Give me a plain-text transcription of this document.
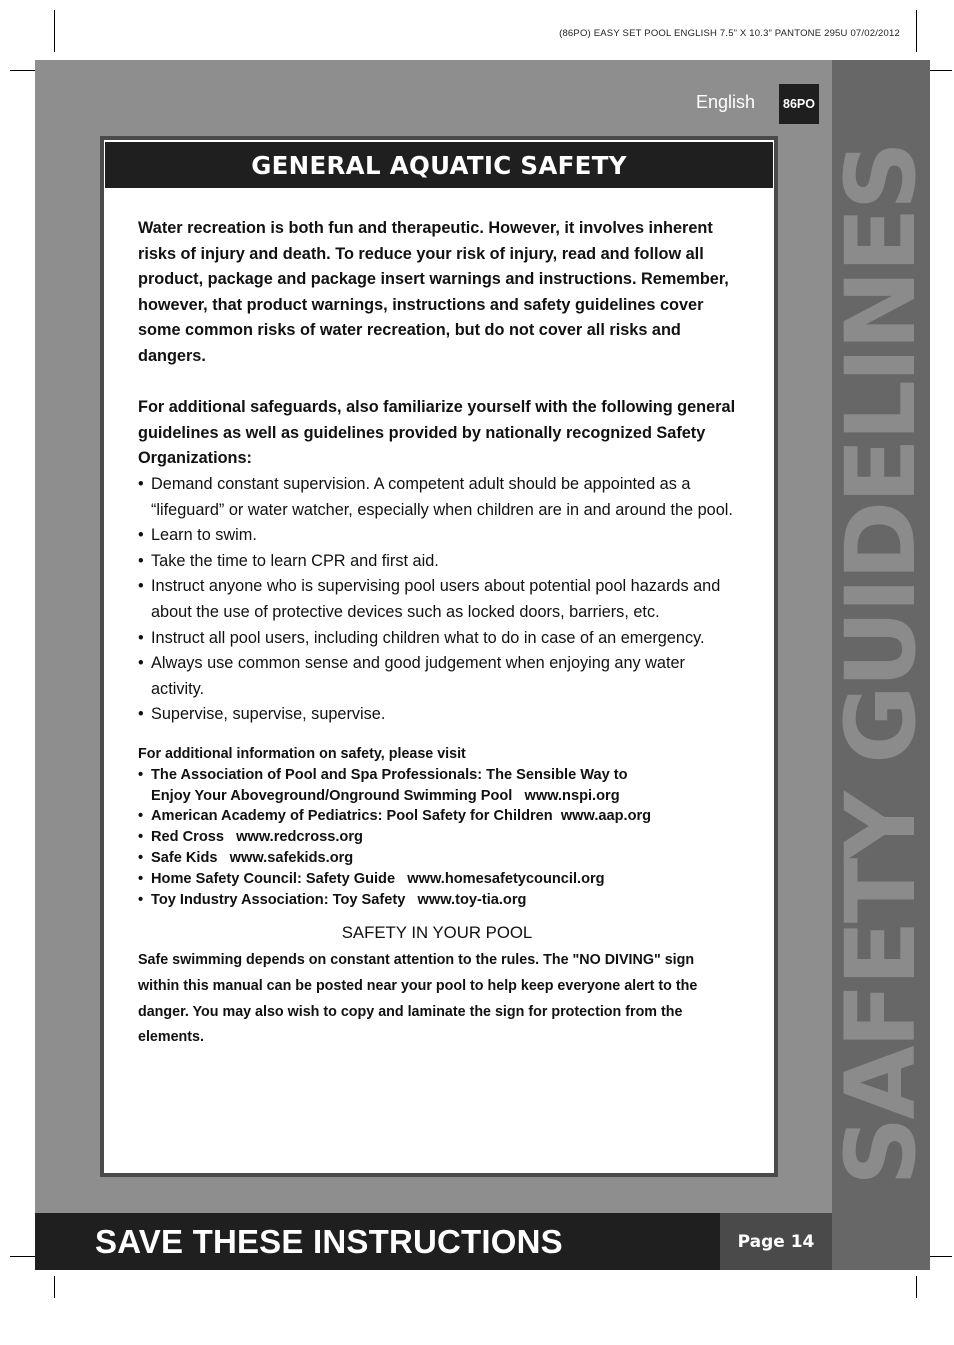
(86PO) EASY SET POOL ENGLISH 7.5” X 10.3” PANTONE 295U 07/02/2012
SAFETY GUIDELINES
English	86PO
GENERAL AQUATIC SAFETY

Water recreation is both fun and therapeutic. However, it involves inherent risks of injury and death. To reduce your risk of injury, read and follow all product, package and package insert warnings and instructions. Remember, however, that product warnings, instructions and safety guidelines cover some common risks of water recreation, but do not cover all risks and dangers.

For additional safeguards, also familiarize yourself with the following general guidelines as well as guidelines provided by nationally recognized Safety Organizations:

• Demand constant supervision. A competent adult should be appointed as a “lifeguard” or water watcher, especially when children are in and around the pool.
• Learn to swim.
• Take the time to learn CPR and first aid.
• Instruct anyone who is supervising pool users about potential pool hazards and about the use of protective devices such as locked doors, barriers, etc.
• Instruct all pool users, including children what to do in case of an emergency.
• Always use common sense and good judgement when enjoying any water activity.
• Supervise, supervise, supervise.
For additional information on safety, please visit
• The Association of Pool and Spa Professionals: The Sensible Way to
Enjoy Your Aboveground/Onground Swimming Pool   www.nspi.org
• American Academy of Pediatrics: Pool Safety for Children  www.aap.org
• Red Cross   www.redcross.org
• Safe Kids   www.safekids.org
• Home Safety Council: Safety Guide   www.homesafetycouncil.org
• Toy Industry Association: Toy Safety   www.toy-tia.org
SAFETY IN YOUR POOL
Safe swimming depends on constant attention to the rules. The "NO DIVING" sign within this manual can be posted near your pool to help keep everyone alert to the danger. You may also wish to copy and laminate the sign for protection from the elements.
SAVE THESE INSTRUCTIONS	Page 14
